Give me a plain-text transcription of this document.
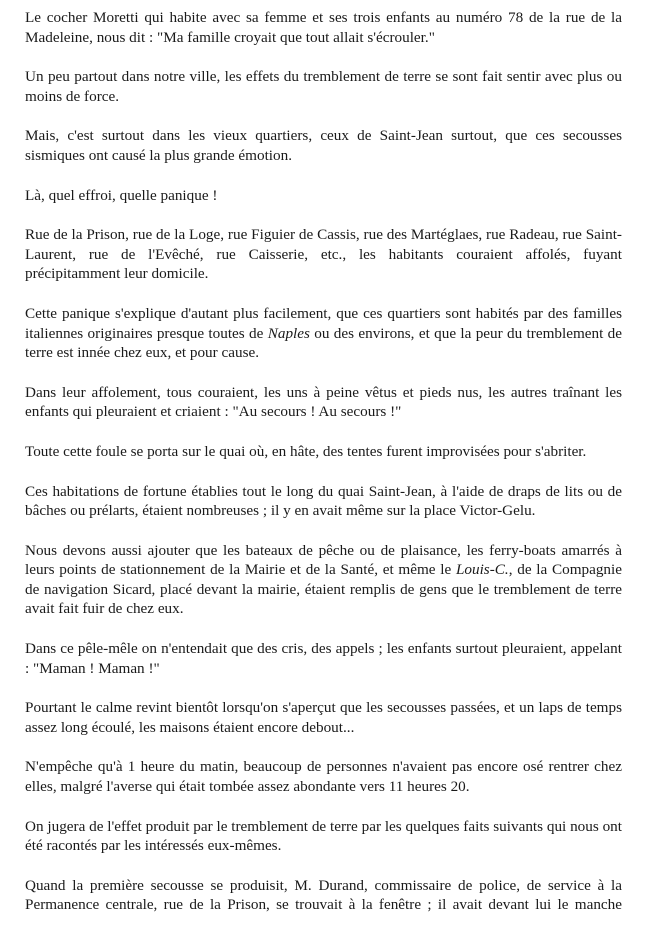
Le cocher Moretti qui habite avec sa femme et ses trois enfants au numéro 78 de la rue de la Madeleine, nous dit : "Ma famille croyait que tout allait s'écrouler."

Un peu partout dans notre ville, les effets du tremblement de terre se sont fait sentir avec plus ou moins de force.

Mais, c'est surtout dans les vieux quartiers, ceux de Saint-Jean surtout, que ces secousses sismiques ont causé la plus grande émotion.

Là, quel effroi, quelle panique !

Rue de la Prison, rue de la Loge, rue Figuier de Cassis, rue des Martéglaes, rue Radeau, rue Saint-Laurent, rue de l'Evêché, rue Caisserie, etc., les habitants couraient affolés, fuyant précipitamment leur domicile.

Cette panique s'explique d'autant plus facilement, que ces quartiers sont habités par des familles italiennes originaires presque toutes de Naples ou des environs, et que la peur du tremblement de terre est innée chez eux, et pour cause.

Dans leur affolement, tous couraient, les uns à peine vêtus et pieds nus, les autres traînant les enfants qui pleuraient et criaient : "Au secours ! Au secours !"

Toute cette foule se porta sur le quai où, en hâte, des tentes furent improvisées pour s'abriter.

Ces habitations de fortune établies tout le long du quai Saint-Jean, à l'aide de draps de lits ou de bâches ou prélarts, étaient nombreuses ; il y en avait même sur la place Victor-Gelu.

Nous devons aussi ajouter que les bateaux de pêche ou de plaisance, les ferry-boats amarrés à leurs points de stationnement de la Mairie et de la Santé, et même le Louis-C., de la Compagnie de navigation Sicard, placé devant la mairie, étaient remplis de gens que le tremblement de terre avait fait fuir de chez eux.

Dans ce pêle-mêle on n'entendait que des cris, des appels ; les enfants surtout pleuraient, appelant : "Maman ! Maman !"

Pourtant le calme revint bientôt lorsqu'on s'aperçut que les secousses passées, et un laps de temps assez long écoulé, les maisons étaient encore debout...

N'empêche qu'à 1 heure du matin, beaucoup de personnes n'avaient pas encore osé rentrer chez elles, malgré l'averse qui était tombée assez abondante vers 11 heures 20.

On jugera de l'effet produit par le tremblement de terre par les quelques faits suivants qui nous ont été racontés par les intéressés eux-mêmes.

Quand la première secousse se produisit, M. Durand, commissaire de police, de service à la Permanence centrale, rue de la Prison, se trouvait à la fenêtre ; il avait devant lui le manche
